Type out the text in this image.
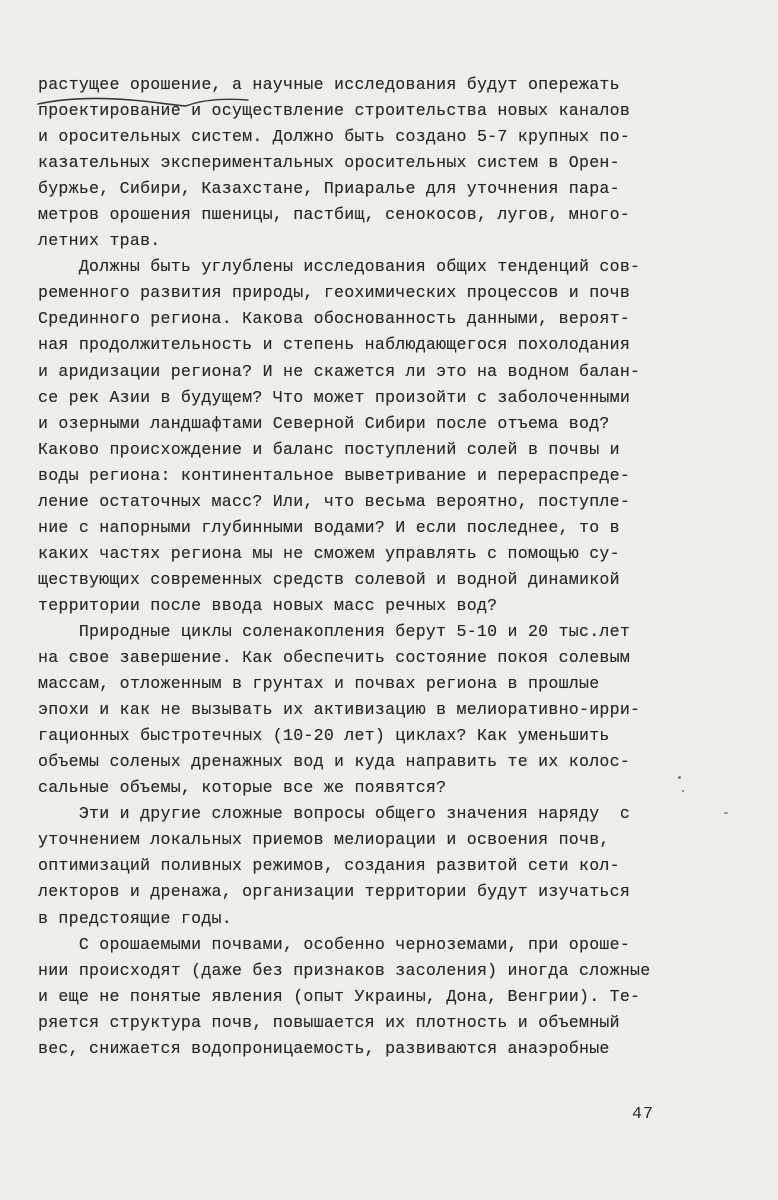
растущее орошение, а научные исследования будут опережать
проектирование и осуществление строительства новых каналов
и оросительных систем. Должно быть создано 5-7 крупных по-
казательных экспериментальных оросительных систем в Орен-
буржье, Сибири, Казахстане, Приаралье для уточнения пара-
метров орошения пшеницы, пастбищ, сенокосов, лугов, много-
летних трав.
Должны быть углублены исследования общих тенденций сов-
ременного развития природы, геохимических процессов и почв
Срединного региона. Какова обоснованность данными, вероят-
ная продолжительность и степень наблюдающегося похолодания
и аридизации региона? И не скажется ли это на водном балан-
се рек Азии в будущем? Что может произойти с заболоченными
и озерными ландшафтами Северной Сибири после отъема вод?
Каково происхождение и баланс поступлений солей в почвы и
воды региона: континентальное выветривание и перераспреде-
ление остаточных масс? Или, что весьма вероятно, поступле-
ние с напорными глубинными водами? И если последнее, то в
каких частях региона мы не сможем управлять с помощью су-
ществующих современных средств солевой и водной динамикой
территории после ввода новых масс речных вод?
Природные циклы соленакопления берут 5-10 и 20 тыс.лет
на свое завершение. Как обеспечить состояние покоя солевым
массам, отложенным в грунтах и почвах региона в прошлые
эпохи и как не вызывать их активизацию в мелиоративно-ирри-
гационных быстротечных (10-20 лет) циклах? Как уменьшить
объемы соленых дренажных вод и куда направить те их колос-
сальные объемы, которые все же появятся?
Эти и другие сложные вопросы общего значения наряду  с
уточнением локальных приемов мелиорации и освоения почв,
оптимизаций поливных режимов, создания развитой сети кол-
лекторов и дренажа, организации территории будут изучаться
в предстоящие годы.
С орошаемыми почвами, особенно черноземами, при ороше-
нии происходят (даже без признаков засоления) иногда сложные
и еще не понятые явления (опыт Украины, Дона, Венгрии). Те-
ряется структура почв, повышается их плотность и объемный
вес, снижается водопроницаемость, развиваются анаэробные
47
